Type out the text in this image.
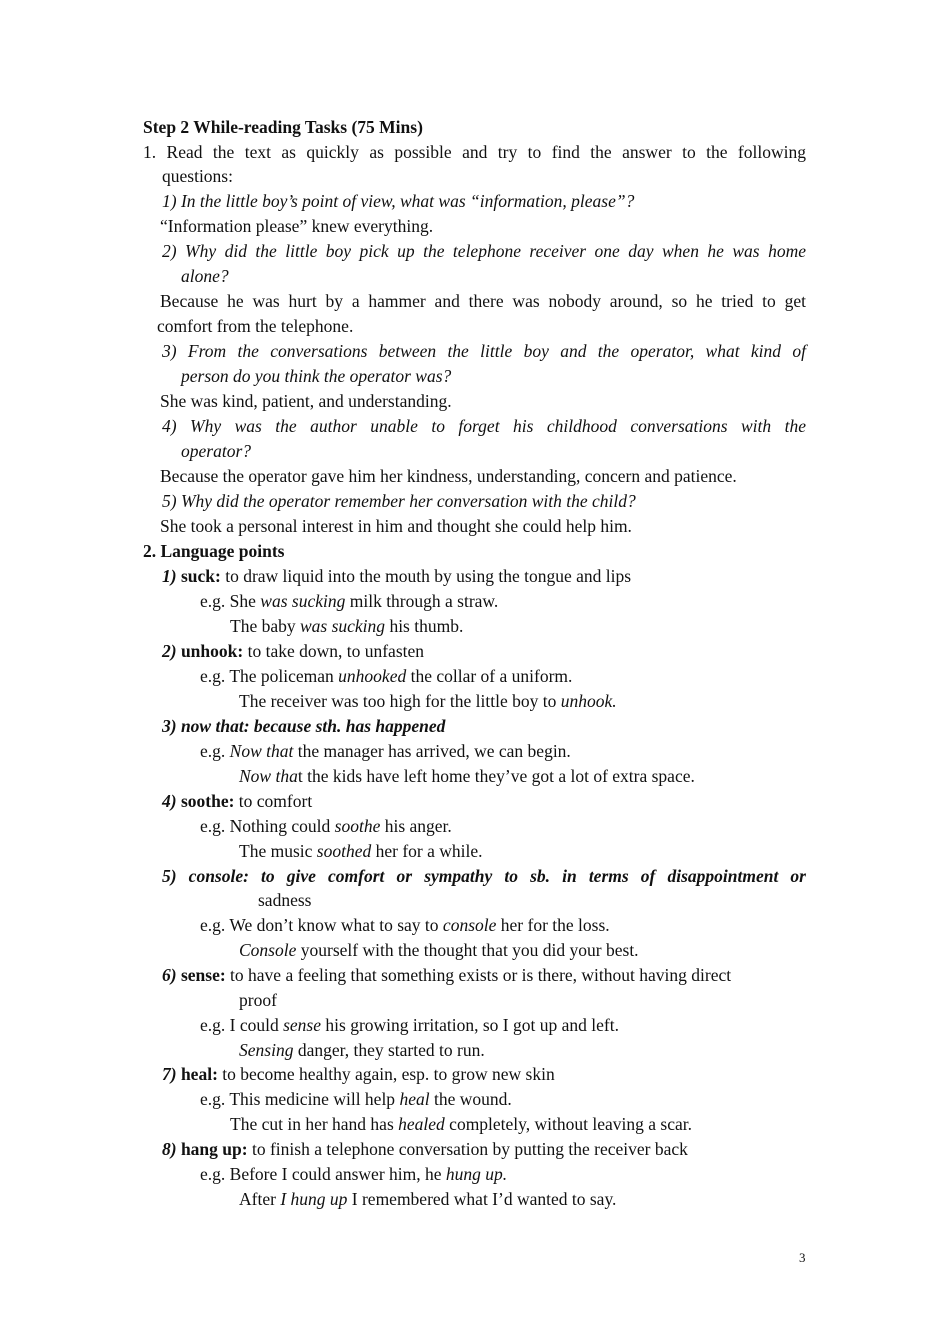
Step 2 While-reading Tasks (75 Mins)
1. Read the text as quickly as possible and try to find the answer to the following
questions:
1) In the little boy’s point of view, what was “information, please”?
“Information please” knew everything.
2) Why did the little boy pick up the telephone receiver one day when he was home
alone?
Because he was hurt by a hammer and there was nobody around, so he tried to get
comfort from the telephone.
3) From the conversations between the little boy and the operator, what kind of
person do you think the operator was?
She was kind, patient, and understanding.
4) Why was the author unable to forget his childhood conversations with the
operator?
Because the operator gave him her kindness, understanding, concern and patience.
5) Why did the operator remember her conversation with the child?
She took a personal interest in him and thought she could help him.
2. Language points
1) suck: to draw liquid into the mouth by using the tongue and lips
e.g. She was sucking milk through a straw.
The baby was sucking his thumb.
2) unhook: to take down, to unfasten
e.g. The policeman unhooked the collar of a uniform.
The receiver was too high for the little boy to unhook.
3) now that: because sth. has happened
e.g. Now that the manager has arrived, we can begin.
Now that the kids have left home they’ve got a lot of extra space.
4) soothe: to comfort
e.g. Nothing could soothe his anger.
The music soothed her for a while.
5) console: to give comfort or sympathy to sb. in terms of disappointment or
sadness
e.g. We don’t know what to say to console her for the loss.
Console yourself with the thought that you did your best.
6) sense: to have a feeling that something exists or is there, without having direct
proof
e.g. I could sense his growing irritation, so I got up and left.
Sensing danger, they started to run.
7) heal: to become healthy again, esp. to grow new skin
e.g. This medicine will help heal the wound.
The cut in her hand has healed completely, without leaving a scar.
8) hang up: to finish a telephone conversation by putting the receiver back
e.g. Before I could answer him, he hung up.
After I hung up I remembered what I’d wanted to say.
3
